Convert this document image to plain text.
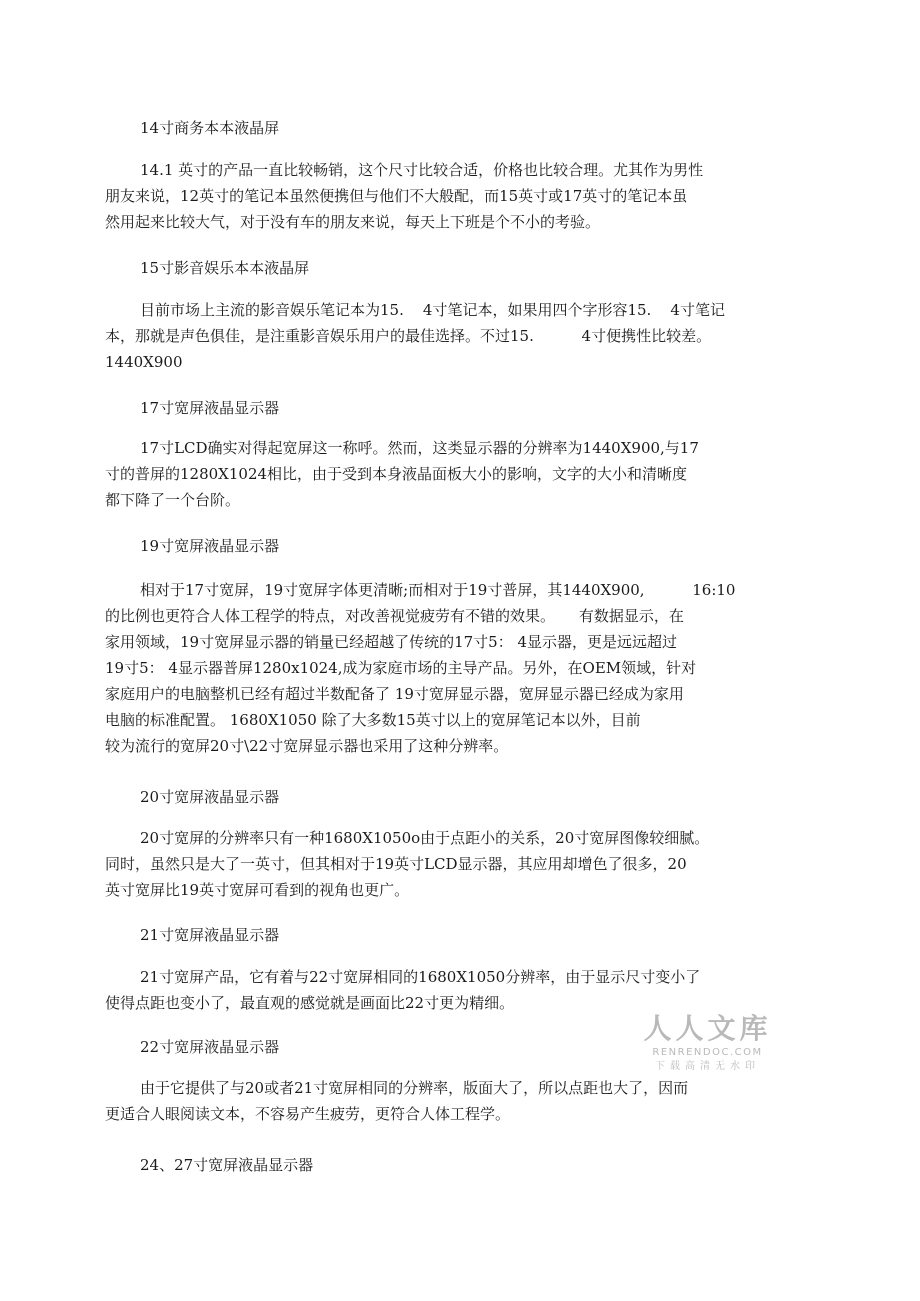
14寸商务本本液晶屏
14.1 英寸的产品一直比较畅销，这个尺寸比较合适，价格也比较合理。尤其作为男性
朋友来说，12英寸的笔记本虽然便携但与他们不大般配，而15英寸或17英寸的笔记本虽
然用起来比较大气，对于没有车的朋友来说，每天上下班是个不小的考验。
15寸影音娱乐本本液晶屏
目前市场上主流的影音娱乐笔记本为15.    4寸笔记本，如果用四个字形容15.    4寸笔记
本，那就是声色俱佳，是注重影音娱乐用户的最佳选择。不过15.          4寸便携性比较差。
1440X900
17寸宽屏液晶显示器
17寸LCD确实对得起宽屏这一称呼。然而，这类显示器的分辨率为1440X900,与17
寸的普屏的1280X1024相比，由于受到本身液晶面板大小的影响，文字的大小和清晰度
都下降了一个台阶。
19寸宽屏液晶显示器
相对于17寸宽屏，19寸宽屏字体更清晰;而相对于19寸普屏，其1440X900,          16:10
的比例也更符合人体工程学的特点，对改善视觉疲劳有不错的效果。     有数据显示，在
家用领域，19寸宽屏显示器的销量已经超越了传统的17寸5： 4显示器，更是远远超过
19寸5： 4显示器普屏1280x1024,成为家庭市场的主导产品。另外，在OEM领域，针对
家庭用户的电脑整机已经有超过半数配备了 19寸宽屏显示器，宽屏显示器已经成为家用
电脑的标准配置。 1680X1050 除了大多数15英寸以上的宽屏笔记本以外，目前
较为流行的宽屏20寸\22寸宽屏显示器也采用了这种分辨率。
20寸宽屏液晶显示器
20寸宽屏的分辨率只有一种1680X1050o由于点距小的关系，20寸宽屏图像较细腻。
同时，虽然只是大了一英寸，但其相对于19英寸LCD显示器，其应用却增色了很多，20
英寸宽屏比19英寸宽屏可看到的视角也更广。
21寸宽屏液晶显示器
21寸宽屏产品，它有着与22寸宽屏相同的1680X1050分辨率，由于显示尺寸变小了
使得点距也变小了，最直观的感觉就是画面比22寸更为精细。
22寸宽屏液晶显示器
由于它提供了与20或者21寸宽屏相同的分辨率，版面大了，所以点距也大了，因而
更适合人眼阅读文本，不容易产生疲劳，更符合人体工程学。
24、27寸宽屏液晶显示器
人人文库
RENRENDOC.COM
下载高清无水印
